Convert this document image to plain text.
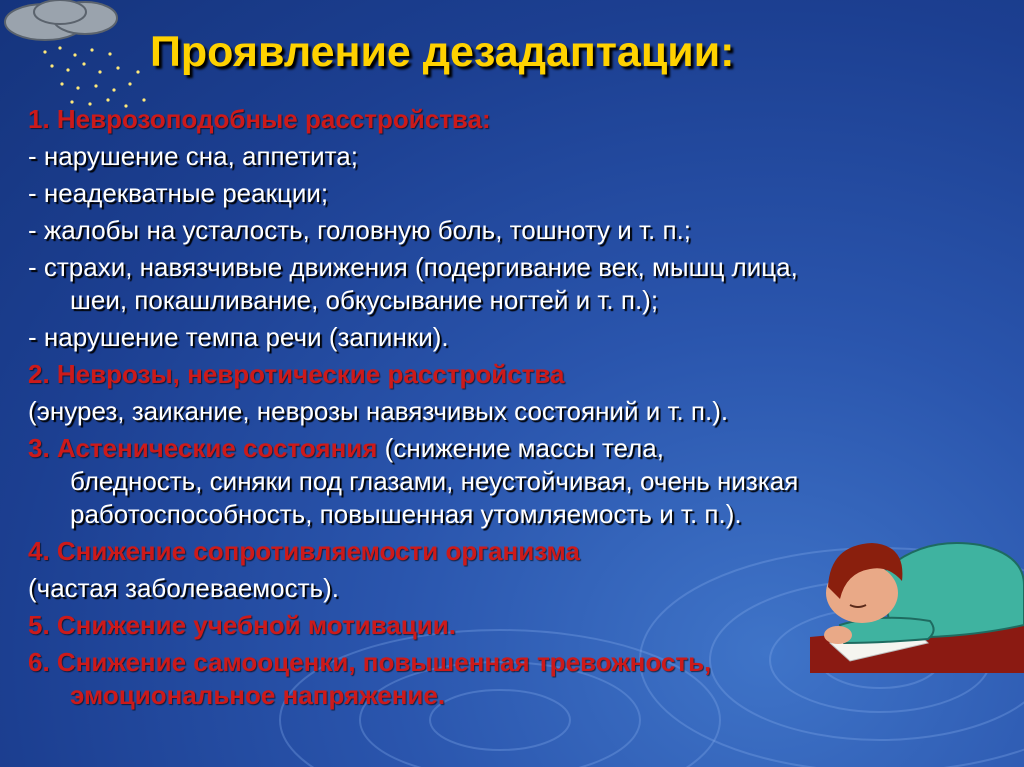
Проявление дезадаптации:
1. Неврозоподобные расстройства:
- нарушение сна, аппетита;
- неадекватные реакции;
- жалобы на усталость, головную боль, тошноту и т. п.;
- страхи, навязчивые движения (подергивание век, мышц лица,
шеи, покашливание, обкусывание ногтей и т. п.);
- нарушение темпа речи (запинки).
2. Неврозы, невротические расстройства
(энурез, заикание, неврозы навязчивых состояний и т. п.).
3. Астенические состояния (снижение массы тела,
бледность, синяки под глазами, неустойчивая, очень низкая
работоспособность, повышенная утомляемость и т. п.).
4. Снижение сопротивляемости организма
(частая заболеваемость).
5. Снижение учебной мотивации.
6. Снижение самооценки, повышенная тревожность,
эмоциональное напряжение.
